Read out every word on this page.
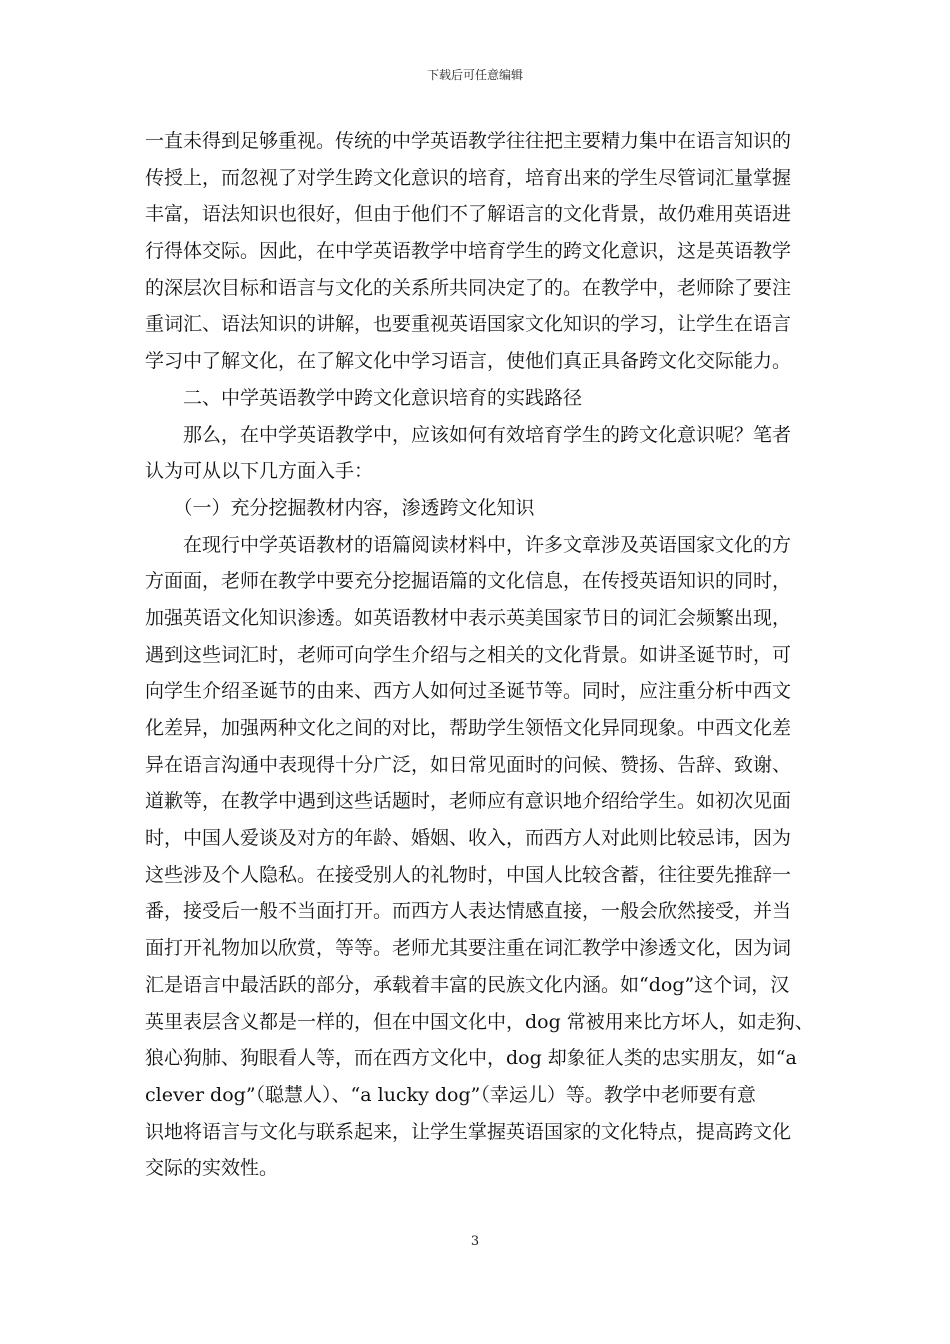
下载后可任意编辑
一直未得到足够重视。传统的中学英语教学往往把主要精力集中在语言知识的
传授上，而忽视了对学生跨文化意识的培育，培育出来的学生尽管词汇量掌握
丰富，语法知识也很好，但由于他们不了解语言的文化背景，故仍难用英语进
行得体交际。因此，在中学英语教学中培育学生的跨文化意识，这是英语教学
的深层次目标和语言与文化的关系所共同决定了的。在教学中，老师除了要注
重词汇、语法知识的讲解，也要重视英语国家文化知识的学习，让学生在语言
学习中了解文化，在了解文化中学习语言，使他们真正具备跨文化交际能力。
　　二、中学英语教学中跨文化意识培育的实践路径
　　那么，在中学英语教学中，应该如何有效培育学生的跨文化意识呢？笔者
认为可从以下几方面入手：
　　（一）充分挖掘教材内容，渗透跨文化知识
　　在现行中学英语教材的语篇阅读材料中，许多文章涉及英语国家文化的方
方面面，老师在教学中要充分挖掘语篇的文化信息，在传授英语知识的同时，
加强英语文化知识渗透。如英语教材中表示英美国家节日的词汇会频繁出现，
遇到这些词汇时，老师可向学生介绍与之相关的文化背景。如讲圣诞节时，可
向学生介绍圣诞节的由来、西方人如何过圣诞节等。同时，应注重分析中西文
化差异，加强两种文化之间的对比，帮助学生领悟文化异同现象。中西文化差
异在语言沟通中表现得十分广泛，如日常见面时的问候、赞扬、告辞、致谢、
道歉等，在教学中遇到这些话题时，老师应有意识地介绍给学生。如初次见面
时，中国人爱谈及对方的年龄、婚姻、收入，而西方人对此则比较忌讳，因为
这些涉及个人隐私。在接受别人的礼物时，中国人比较含蓄，往往要先推辞一
番，接受后一般不当面打开。而西方人表达情感直接，一般会欣然接受，并当
面打开礼物加以欣赏，等等。老师尤其要注重在词汇教学中渗透文化，因为词
汇是语言中最活跃的部分，承载着丰富的民族文化内涵。如“dog”这个词，汉
英里表层含义都是一样的，但在中国文化中，dog 常被用来比方坏人，如走狗、
狼心狗肺、狗眼看人等，而在西方文化中，dog 却象征人类的忠实朋友，如“a
clever dog”（聪慧人）、“a lucky dog”（幸运儿）等。教学中老师要有意
识地将语言与文化与联系起来，让学生掌握英语国家的文化特点，提高跨文化
交际的实效性。
3
